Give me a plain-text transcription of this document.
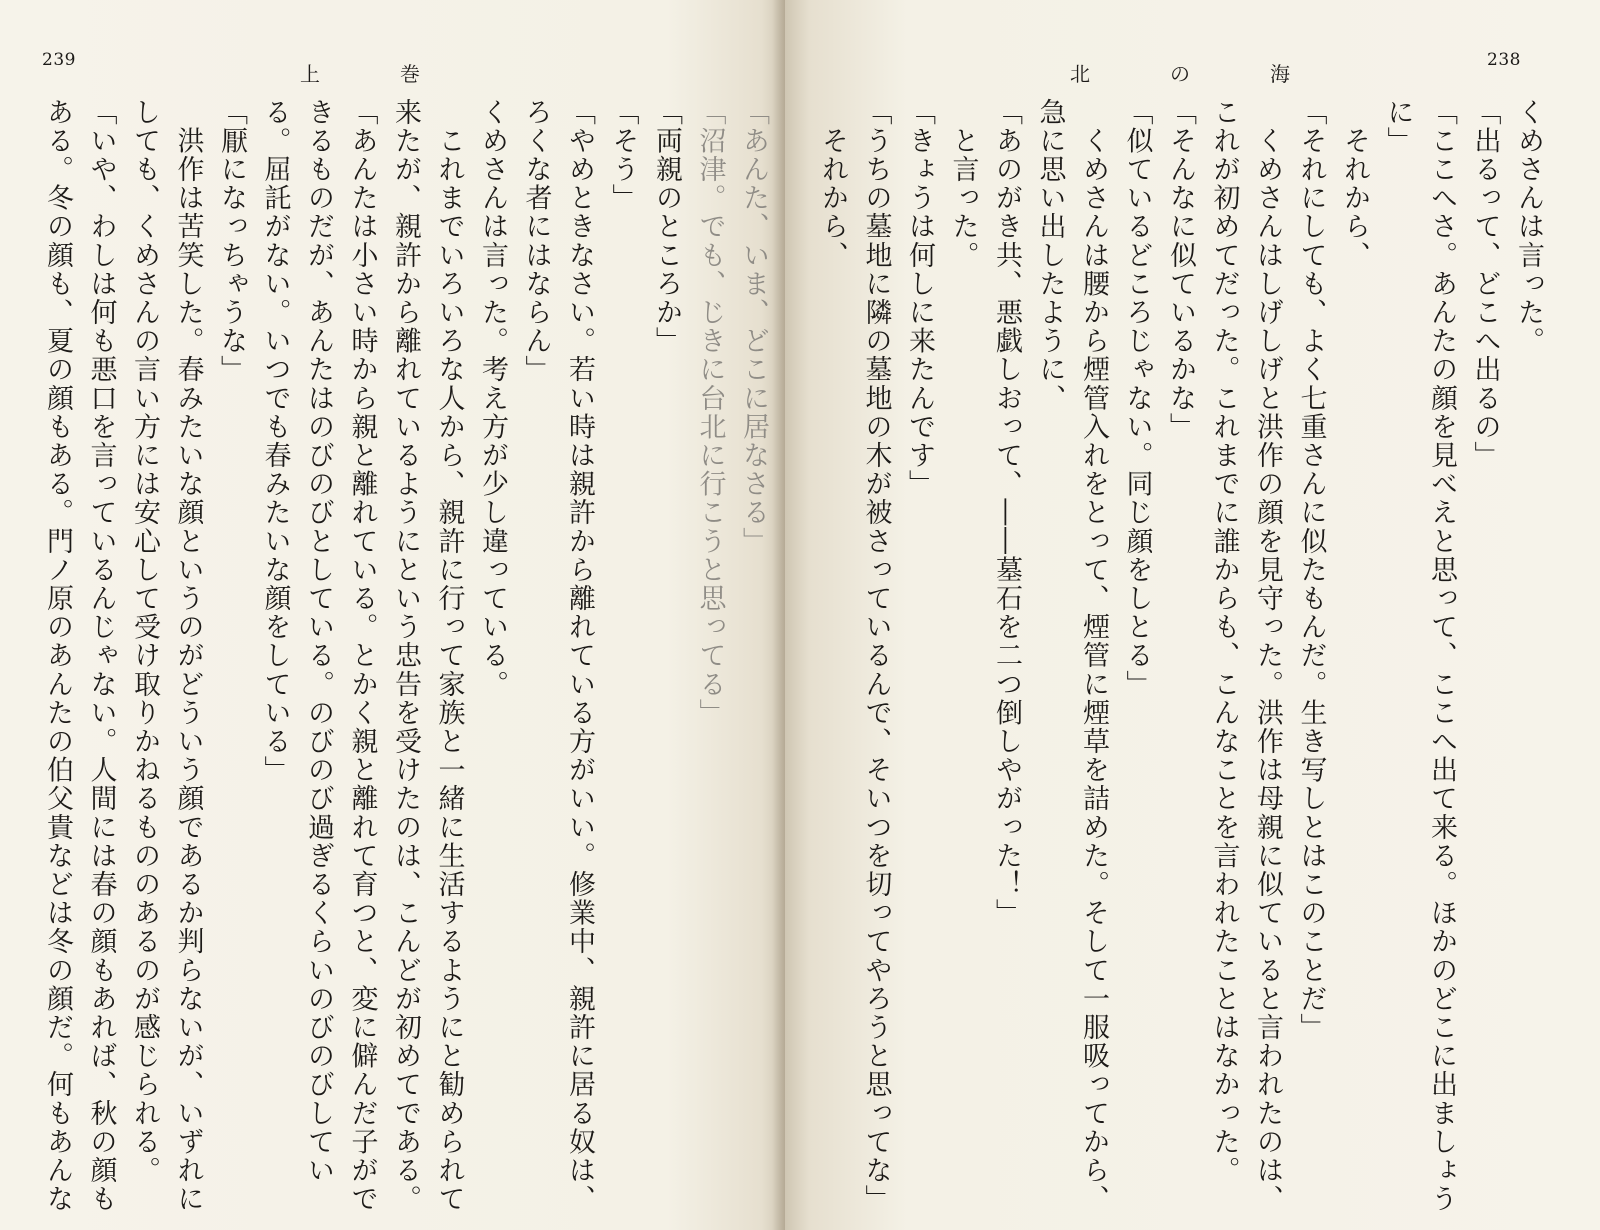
239
上　巻
「あんた、いま、どこに居なさる」
「沼津。でも、じきに台北に行こうと思ってる」
「両親のところか」
「そう」
「やめときなさい。若い時は親許から離れている方がいい。修業中、親許に居る奴は、
ろくな者にはならん」
くめさんは言った。考え方が少し違っている。
　これまでいろいろな人から、親許に行って家族と一緒に生活するようにと勧められて
来たが、親許から離れているようにという忠告を受けたのは、こんどが初めてである。
「あんたは小さい時から親と離れている。とかく親と離れて育つと、変に僻んだ子がで
きるものだが、あんたはのびのびとしている。のびのび過ぎるくらいのびのびしてい
る。屈託がない。いつでも春みたいな顔をしている」
「厭になっちゃうな」
　洪作は苦笑した。春みたいな顔というのがどういう顔であるか判らないが、いずれに
しても、くめさんの言い方には安心して受け取りかねるもののあるのが感じられる。
「いや、わしは何も悪口を言っているんじゃない。人間には春の顔もあれば、秋の顔も
ある。冬の顔も、夏の顔もある。門ノ原のあんたの伯父貴などは冬の顔だ。何もあんな
北　の　海
238
くめさんは言った。
「出るって、どこへ出るの」
「ここへさ。あんたの顔を見べえと思って、ここへ出て来る。ほかのどこに出ましょう
に」
　それから、
「それにしても、よく七重さんに似たもんだ。生き写しとはこのことだ」
　くめさんはしげしげと洪作の顔を見守った。洪作は母親に似ていると言われたのは、
これが初めてだった。これまでに誰からも、こんなことを言われたことはなかった。
「そんなに似ているかな」
「似ているどころじゃない。同じ顔をしとる」
　くめさんは腰から煙管入れをとって、煙管に煙草を詰めた。そして一服吸ってから、
急に思い出したように、
「あのがき共、悪戯しおって、――墓石を二つ倒しやがった！」
　と言った。
「きょうは何しに来たんです」
「うちの墓地に隣の墓地の木が被さっているんで、そいつを切ってやろうと思ってな」
　それから、
